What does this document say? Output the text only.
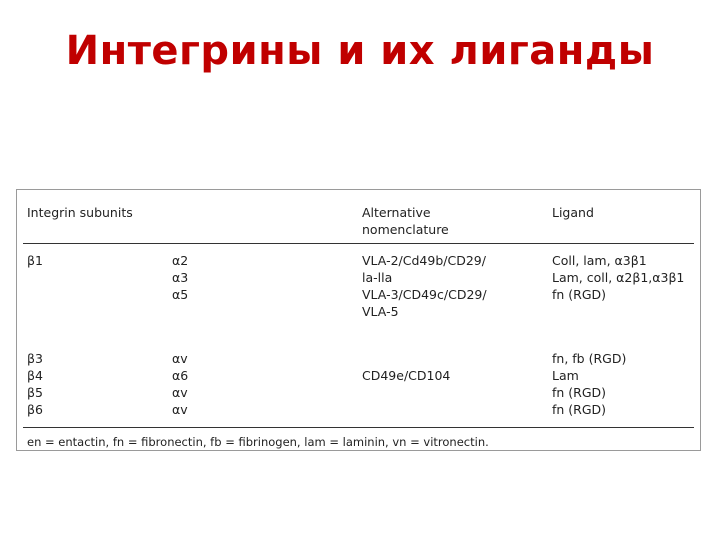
Интегрины и их лиганды
Integrin subunits	Alternative
nomenclature
Ligand
β1	α2
α3
α5
VLA-2/Cd49b/CD29/
la-lla
VLA-3/CD49c/CD29/
VLA-5
Coll, lam, α3β1
Lam, coll, α2β1,α3β1
fn (RGD)
β3
β4
β5
β6
αv
α6
αv
αv
CD49e/CD104
fn, fb (RGD)
Lam
fn (RGD)
fn (RGD)
en = entactin, fn = fibronectin, fb = fibrinogen, lam = laminin, vn = vitronectin.
